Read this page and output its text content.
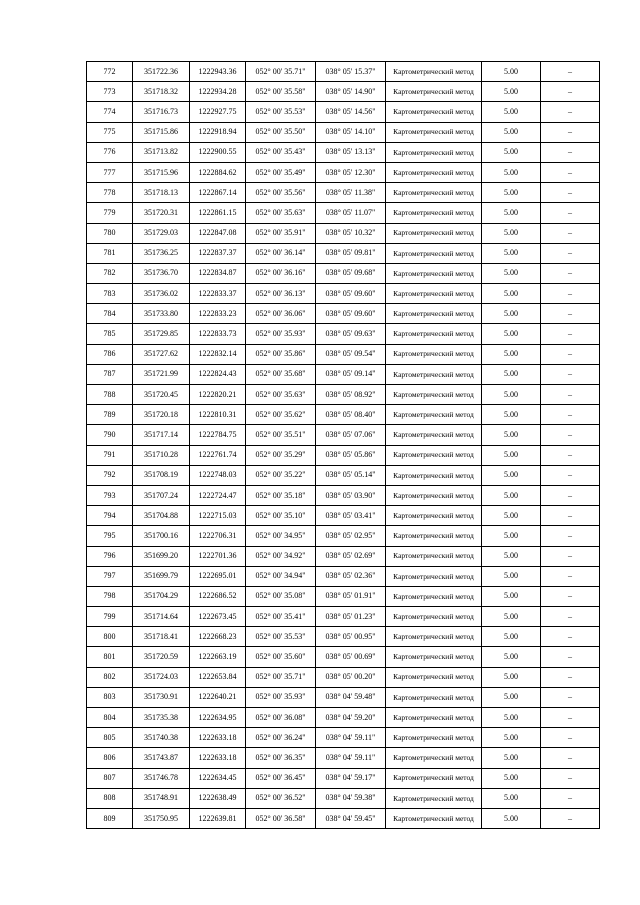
772	351722.36	1222943.36	052° 00' 35.71"	038° 05' 15.37"	Картометрический метод	5.00	–
773	351718.32	1222934.28	052° 00' 35.58"	038° 05' 14.90"	Картометрический метод	5.00	–
774	351716.73	1222927.75	052° 00' 35.53"	038° 05' 14.56"	Картометрический метод	5.00	–
775	351715.86	1222918.94	052° 00' 35.50"	038° 05' 14.10"	Картометрический метод	5.00	–
776	351713.82	1222900.55	052° 00' 35.43"	038° 05' 13.13"	Картометрический метод	5.00	–
777	351715.96	1222884.62	052° 00' 35.49"	038° 05' 12.30"	Картометрический метод	5.00	–
778	351718.13	1222867.14	052° 00' 35.56"	038° 05' 11.38"	Картометрический метод	5.00	–
779	351720.31	1222861.15	052° 00' 35.63"	038° 05' 11.07"	Картометрический метод	5.00	–
780	351729.03	1222847.08	052° 00' 35.91"	038° 05' 10.32"	Картометрический метод	5.00	–
781	351736.25	1222837.37	052° 00' 36.14"	038° 05' 09.81"	Картометрический метод	5.00	–
782	351736.70	1222834.87	052° 00' 36.16"	038° 05' 09.68"	Картометрический метод	5.00	–
783	351736.02	1222833.37	052° 00' 36.13"	038° 05' 09.60"	Картометрический метод	5.00	–
784	351733.80	1222833.23	052° 00' 36.06"	038° 05' 09.60"	Картометрический метод	5.00	–
785	351729.85	1222833.73	052° 00' 35.93"	038° 05' 09.63"	Картометрический метод	5.00	–
786	351727.62	1222832.14	052° 00' 35.86"	038° 05' 09.54"	Картометрический метод	5.00	–
787	351721.99	1222824.43	052° 00' 35.68"	038° 05' 09.14"	Картометрический метод	5.00	–
788	351720.45	1222820.21	052° 00' 35.63"	038° 05' 08.92"	Картометрический метод	5.00	–
789	351720.18	1222810.31	052° 00' 35.62"	038° 05' 08.40"	Картометрический метод	5.00	–
790	351717.14	1222784.75	052° 00' 35.51"	038° 05' 07.06"	Картометрический метод	5.00	–
791	351710.28	1222761.74	052° 00' 35.29"	038° 05' 05.86"	Картометрический метод	5.00	–
792	351708.19	1222748.03	052° 00' 35.22"	038° 05' 05.14"	Картометрический метод	5.00	–
793	351707.24	1222724.47	052° 00' 35.18"	038° 05' 03.90"	Картометрический метод	5.00	–
794	351704.88	1222715.03	052° 00' 35.10"	038° 05' 03.41"	Картометрический метод	5.00	–
795	351700.16	1222706.31	052° 00' 34.95"	038° 05' 02.95"	Картометрический метод	5.00	–
796	351699.20	1222701.36	052° 00' 34.92"	038° 05' 02.69"	Картометрический метод	5.00	–
797	351699.79	1222695.01	052° 00' 34.94"	038° 05' 02.36"	Картометрический метод	5.00	–
798	351704.29	1222686.52	052° 00' 35.08"	038° 05' 01.91"	Картометрический метод	5.00	–
799	351714.64	1222673.45	052° 00' 35.41"	038° 05' 01.23"	Картометрический метод	5.00	–
800	351718.41	1222668.23	052° 00' 35.53"	038° 05' 00.95"	Картометрический метод	5.00	–
801	351720.59	1222663.19	052° 00' 35.60"	038° 05' 00.69"	Картометрический метод	5.00	–
802	351724.03	1222653.84	052° 00' 35.71"	038° 05' 00.20"	Картометрический метод	5.00	–
803	351730.91	1222640.21	052° 00' 35.93"	038° 04' 59.48"	Картометрический метод	5.00	–
804	351735.38	1222634.95	052° 00' 36.08"	038° 04' 59.20"	Картометрический метод	5.00	–
805	351740.38	1222633.18	052° 00' 36.24"	038° 04' 59.11"	Картометрический метод	5.00	–
806	351743.87	1222633.18	052° 00' 36.35"	038° 04' 59.11"	Картометрический метод	5.00	–
807	351746.78	1222634.45	052° 00' 36.45"	038° 04' 59.17"	Картометрический метод	5.00	–
808	351748.91	1222638.49	052° 00' 36.52"	038° 04' 59.38"	Картометрический метод	5.00	–
809	351750.95	1222639.81	052° 00' 36.58"	038° 04' 59.45"	Картометрический метод	5.00	–
